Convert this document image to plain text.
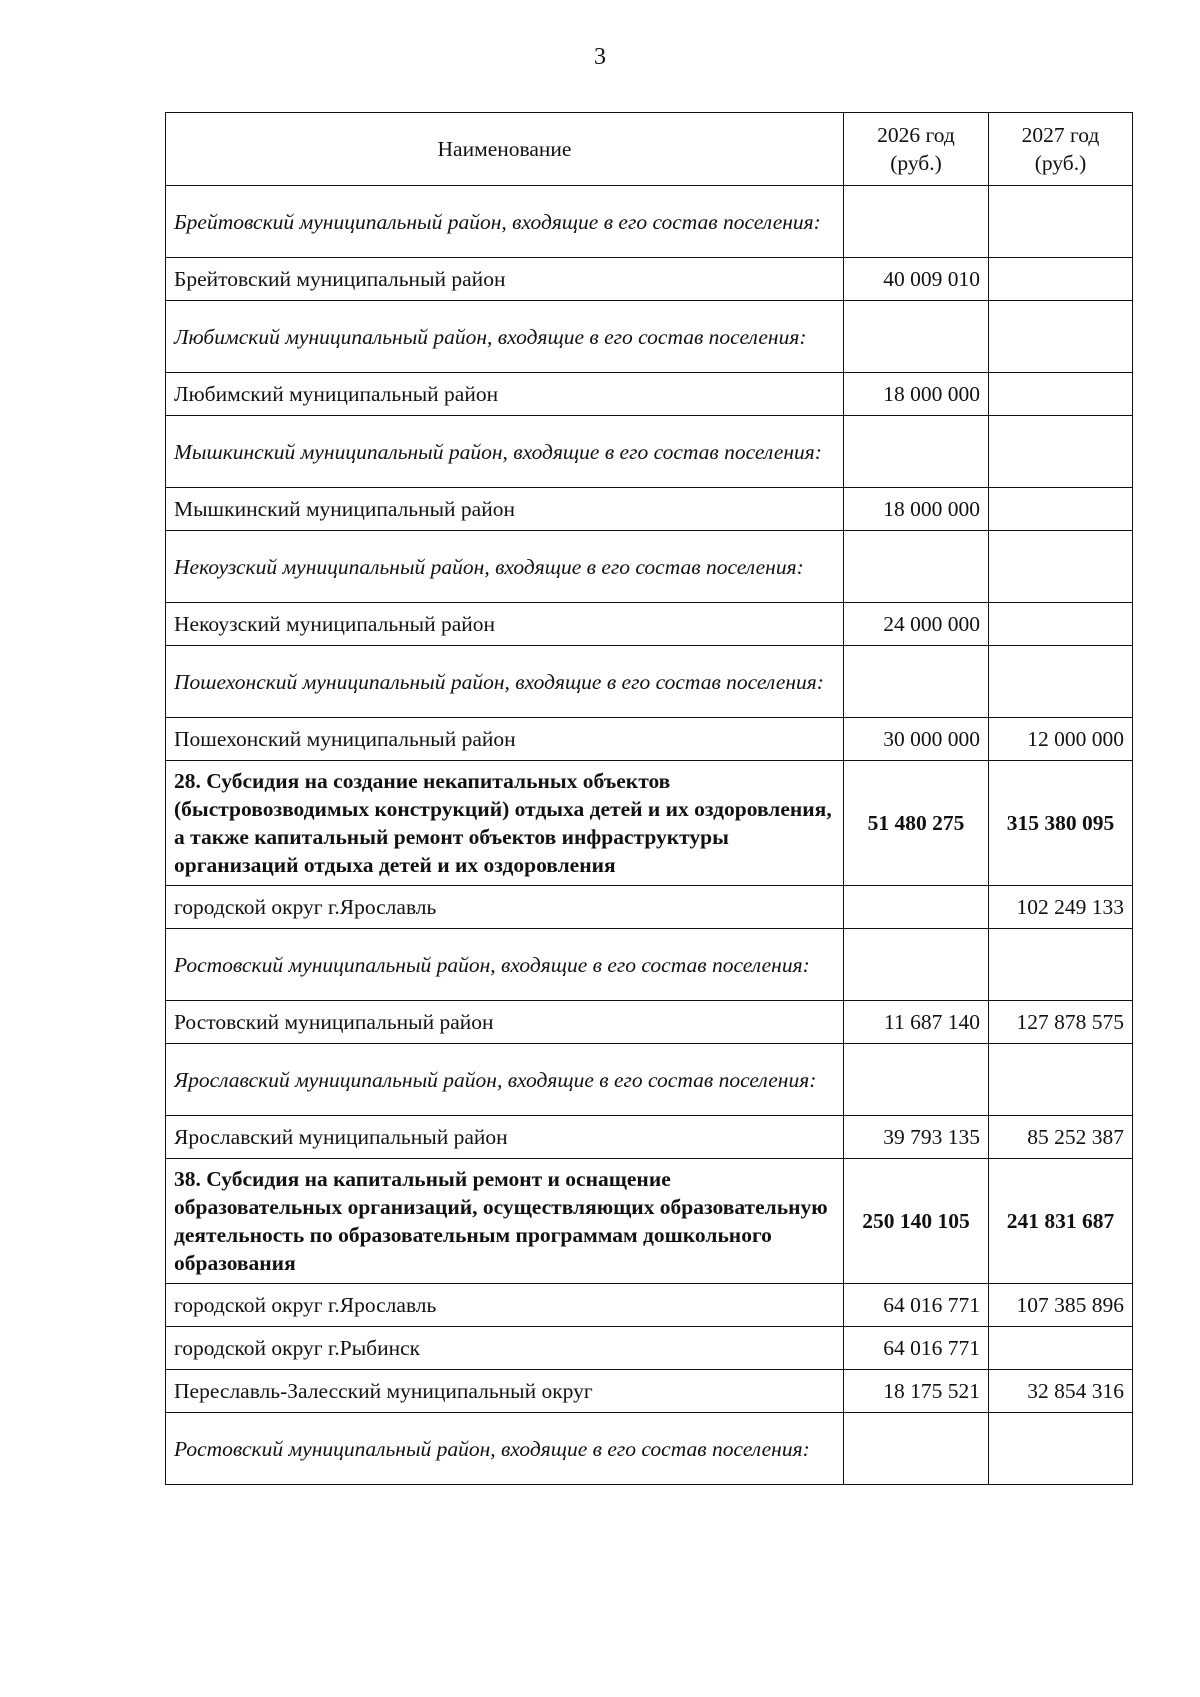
3
Наименование	2026 год (руб.)	2027 год (руб.)
Брейтовский муниципальный район, входящие в его состав поселения:		
Брейтовский муниципальный район	40 009 010	
Любимский муниципальный район, входящие в его состав поселения:		
Любимский муниципальный район	18 000 000	
Мышкинский муниципальный район, входящие в его состав поселения:		
Мышкинский муниципальный район	18 000 000	
Некоузский муниципальный район, входящие в его состав поселения:		
Некоузский муниципальный район	24 000 000	
Пошехонский муниципальный район, входящие в его состав поселения:		
Пошехонский муниципальный район	30 000 000	12 000 000
28. Субсидия на создание некапитальных объектов (быстровозводимых конструкций) отдыха детей и их оздоровления, а также капитальный ремонт объектов инфраструктуры организаций отдыха детей и их оздоровления	51 480 275	315 380 095
городской округ г.Ярославль		102 249 133
Ростовский муниципальный район, входящие в его состав поселения:		
Ростовский муниципальный район	11 687 140	127 878 575
Ярославский муниципальный район, входящие в его состав поселения:		
Ярославский муниципальный район	39 793 135	85 252 387
38. Субсидия на капитальный ремонт и оснащение образовательных организаций, осуществляющих образовательную деятельность по образовательным программам дошкольного образования	250 140 105	241 831 687
городской округ г.Ярославль	64 016 771	107 385 896
городской округ г.Рыбинск	64 016 771	
Переславль-Залесский муниципальный округ	18 175 521	32 854 316
Ростовский муниципальный район, входящие в его состав поселения:		
